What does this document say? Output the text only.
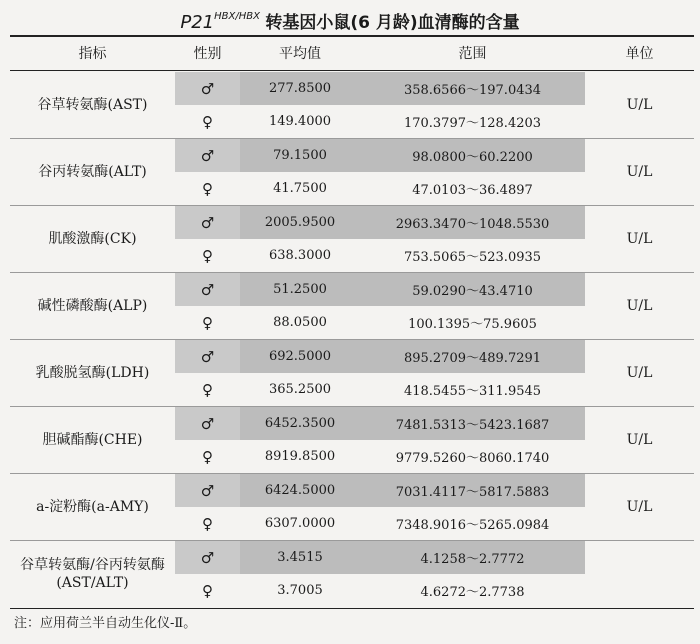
$P21^{HBX/HBX}$ 转基因小鼠(6 月龄)血清酶的含量
指标	性别	平均值	范围	单位
谷草转氨酶(AST)	♂	277.8500	358.6566～197.0434	U/L
	♀	149.4000	170.3797～128.4203	

谷丙转氨酶(ALT)	♂	79.1500	98.0800～60.2200	U/L
	♀	41.7500	47.0103～36.4897	

肌酸激酶(CK)	♂	2005.9500	2963.3470～1048.5530	U/L
	♀	638.3000	753.5065～523.0935	

碱性磷酸酶(ALP)	♂	51.2500	59.0290～43.4710	U/L
	♀	88.0500	100.1395～75.9605	

乳酸脱氢酶(LDH)	♂	692.5000	895.2709～489.7291	U/L
	♀	365.2500	418.5455～311.9545	

胆碱酯酶(CHE)	♂	6452.3500	7481.5313～5423.1687	U/L
	♀	8919.8500	9779.5260～8060.1740	

a-淀粉酶(a-AMY)	♂	6424.5000	7031.4117～5817.5883	U/L
	♀	6307.0000	7348.9016～5265.0984	

谷草转氨酶/谷丙转氨酶
(AST/ALT)	♂	3.4515	4.1258～2.7772	
	♀	3.7005	4.6272～2.7738	
注：应用荷兰半自动生化仪-Ⅱ。
